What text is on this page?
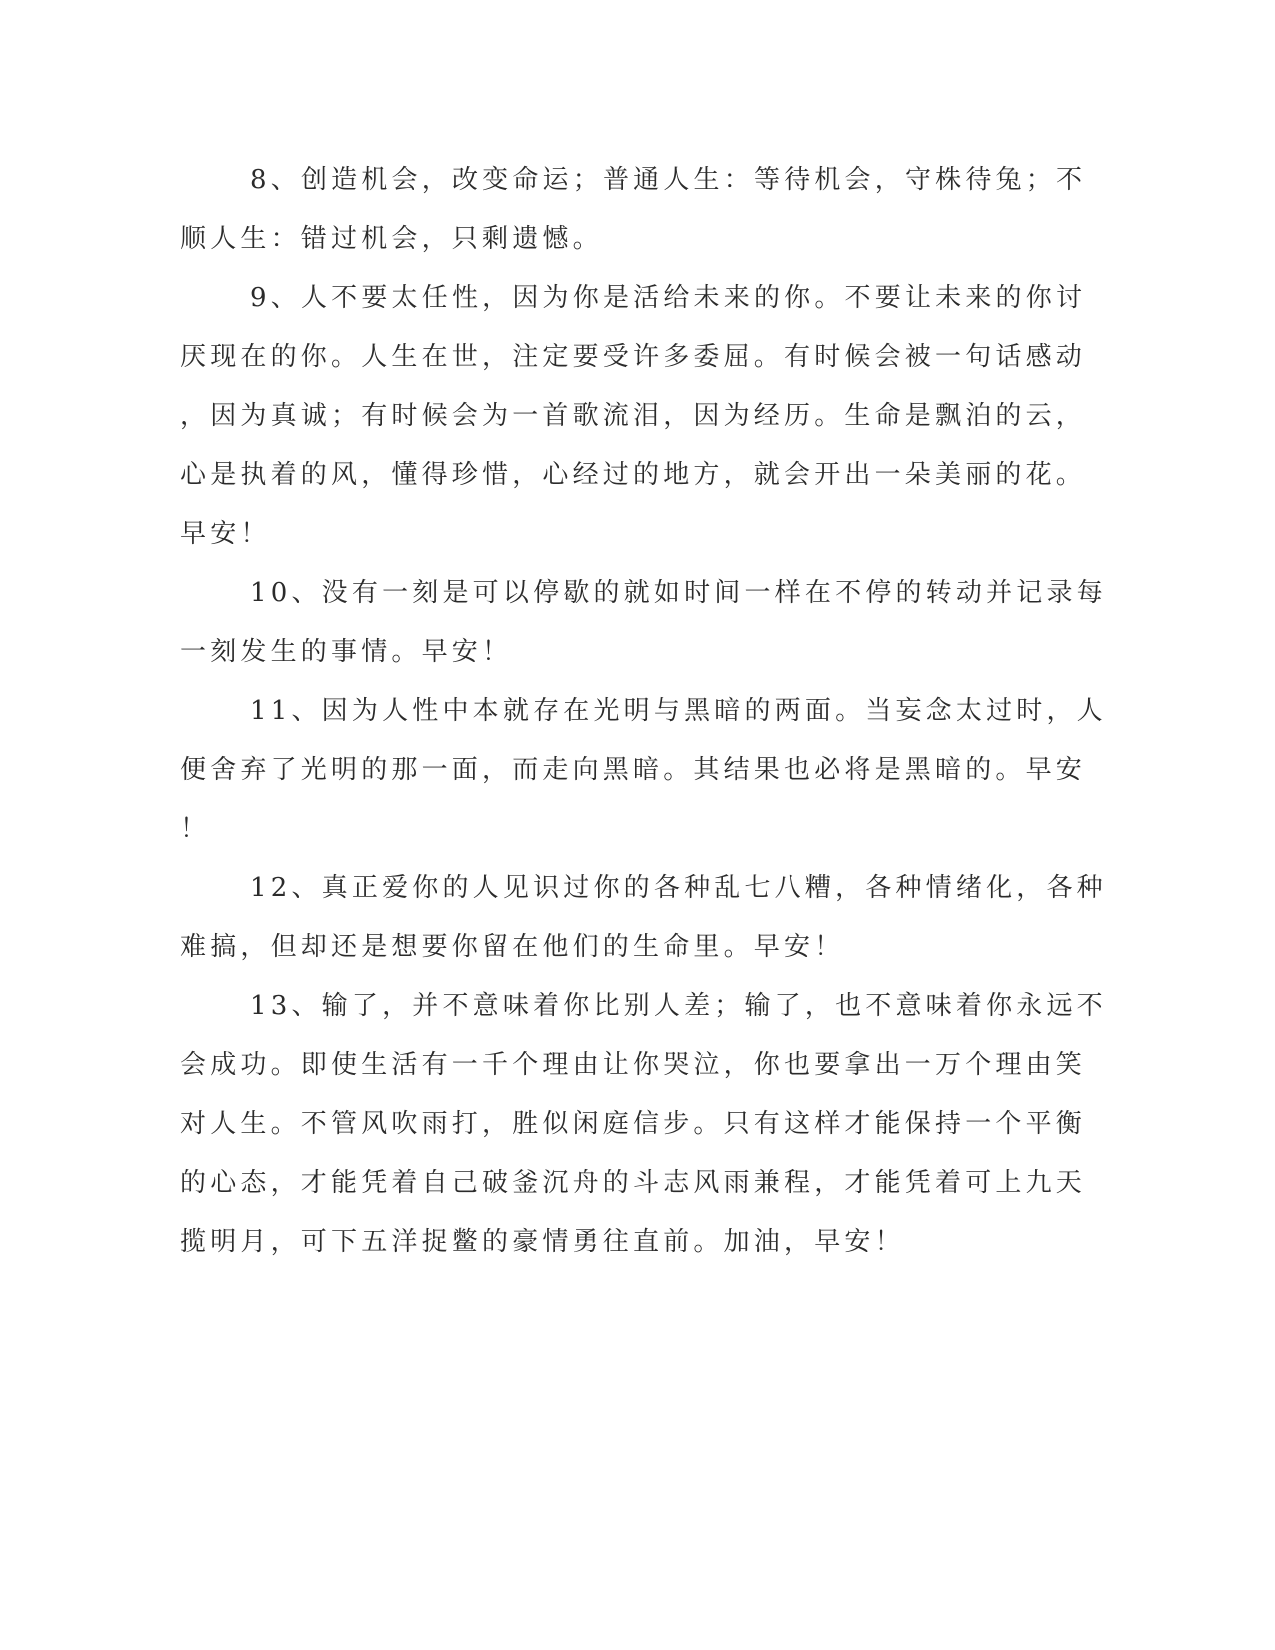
8、创造机会，改变命运；普通人生：等待机会，守株待兔；不
顺人生：错过机会，只剩遗憾。
9、人不要太任性，因为你是活给未来的你。不要让未来的你讨
厌现在的你。人生在世，注定要受许多委屈。有时候会被一句话感动
，因为真诚；有时候会为一首歌流泪，因为经历。生命是飘泊的云，
心是执着的风，懂得珍惜，心经过的地方，就会开出一朵美丽的花。
早安！
10、没有一刻是可以停歇的就如时间一样在不停的转动并记录每
一刻发生的事情。早安！
11、因为人性中本就存在光明与黑暗的两面。当妄念太过时，人
便舍弃了光明的那一面，而走向黑暗。其结果也必将是黑暗的。早安
！
12、真正爱你的人见识过你的各种乱七八糟，各种情绪化，各种
难搞，但却还是想要你留在他们的生命里。早安！
13、输了，并不意味着你比别人差；输了，也不意味着你永远不
会成功。即使生活有一千个理由让你哭泣，你也要拿出一万个理由笑
对人生。不管风吹雨打，胜似闲庭信步。只有这样才能保持一个平衡
的心态，才能凭着自己破釜沉舟的斗志风雨兼程，才能凭着可上九天
揽明月，可下五洋捉鳖的豪情勇往直前。加油，早安！
